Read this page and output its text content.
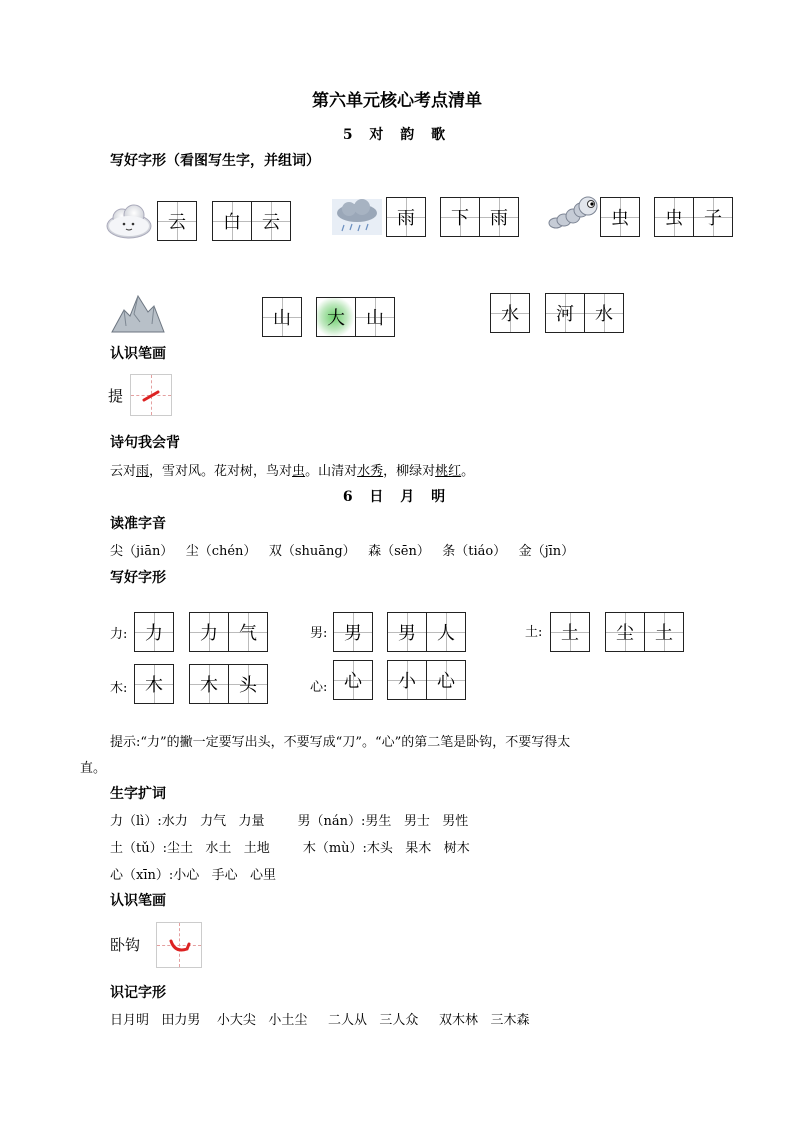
第六单元核心考点清单
5 对 韵 歌
写好字形（看图写生字，并组词）
云 白 云	雨 下 雨	虫 虫 子
山 大 山	水 河 水
认识笔画
提
诗句我会背
云对雨，雪对风。花对树，鸟对虫。山清对水秀，柳绿对桃红。
6 日 月 明
读准字音
尖（jiān）   尘（chén）   双（shuāng）   森（sēn）   条（tiáo）   金（jīn）
写好字形
力: 力 力 气	男: 男 男 人	土: 土 尘 土
木: 木 木 头	心: 心 小 心
提示:“力”的撇一定要写出头，不要写成“刀”。“心”的第二笔是卧钩，不要写得太
直。
生字扩词
力（lì）:水力   力气   力量        男（nán）:男生   男士   男性
土（tǔ）:尘土   水土   土地        木（mù）:木头   果木   树木
心（xīn）:小心   手心   心里
认识笔画
卧钩
识记字形
日月明   田力男    小大尖   小土尘     二人从   三人众     双木林   三木森
